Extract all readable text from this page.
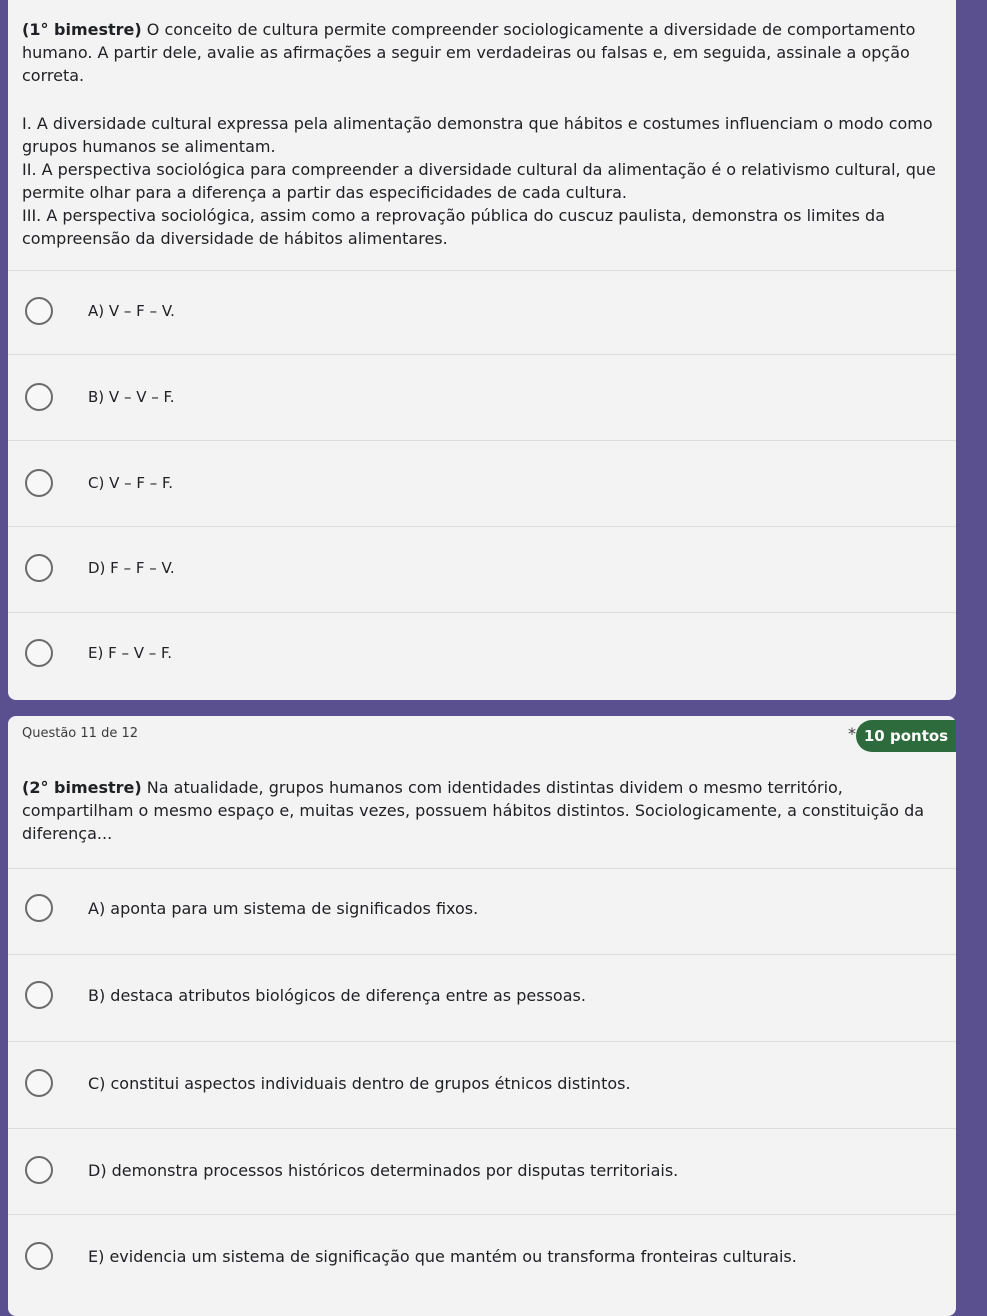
(1° bimestre) O conceito de cultura permite compreender sociologicamente a diversidade de comportamento humano. A partir dele, avalie as afirmações a seguir em verdadeiras ou falsas e, em seguida, assinale a opção correta.
I. A diversidade cultural expressa pela alimentação demonstra que hábitos e costumes influenciam o modo como grupos humanos se alimentam.
II. A perspectiva sociológica para compreender a diversidade cultural da alimentação é o relativismo cultural, que permite olhar para a diferença a partir das especificidades de cada cultura.
III. A perspectiva sociológica, assim como a reprovação pública do cuscuz paulista, demonstra os limites da compreensão da diversidade de hábitos alimentares.
A) V – F – V.
B) V – V – F.
C) V – F – F.
D) F – F – V.
E) F – V – F.
Questão 11 de 12	* 10 pontos
(2° bimestre) Na atualidade, grupos humanos com identidades distintas dividem o mesmo território, compartilham o mesmo espaço e, muitas vezes, possuem hábitos distintos. Sociologicamente, a constituição da diferença...
A) aponta para um sistema de significados fixos.
B) destaca atributos biológicos de diferença entre as pessoas.
C) constitui aspectos individuais dentro de grupos étnicos distintos.
D) demonstra processos históricos determinados por disputas territoriais.
E) evidencia um sistema de significação que mantém ou transforma fronteiras culturais.
